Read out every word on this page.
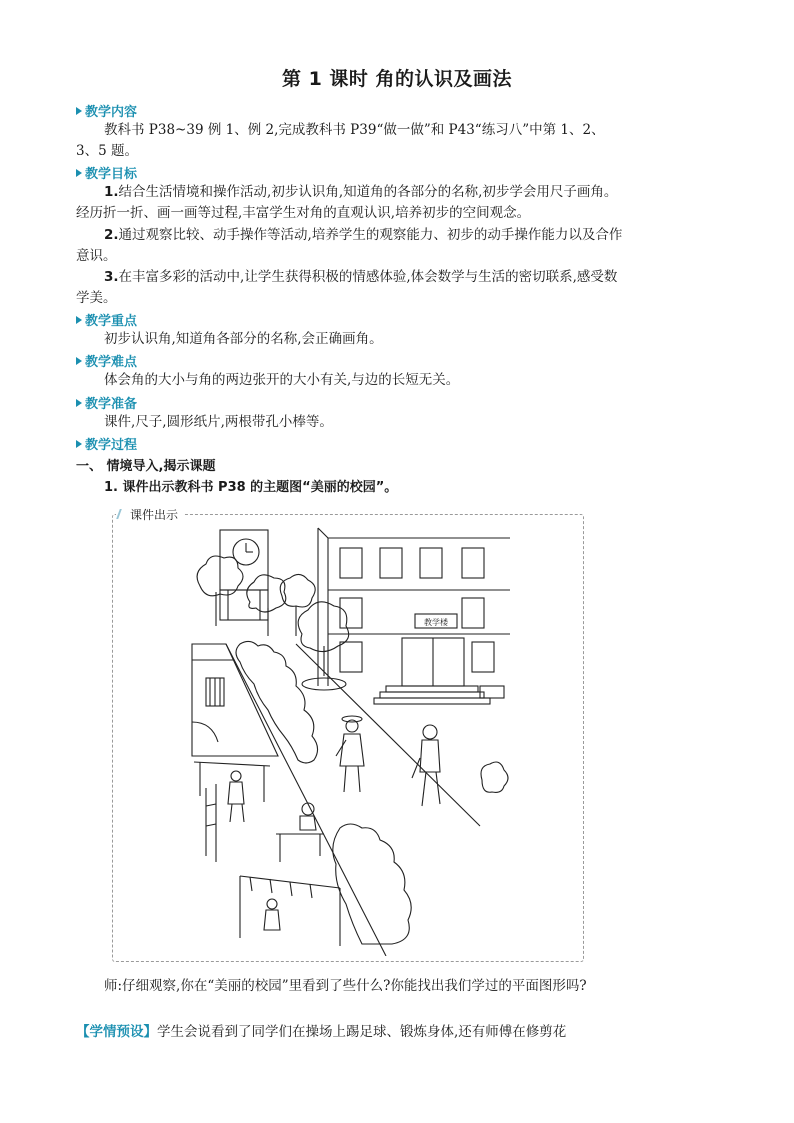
第 1 课时 角的认识及画法
教学内容

教科书 P38~39 例 1、例 2,完成教科书 P39“做一做”和 P43“练习八”中第 1、2、3、5 题。

教学目标

1.结合生活情境和操作活动,初步认识角,知道角的各部分的名称,初步学会用尺子画角。经历折一折、画一画等过程,丰富学生对角的直观认识,培养初步的空间观念。

2.通过观察比较、动手操作等活动,培养学生的观察能力、初步的动手操作能力以及合作意识。

3.在丰富多彩的活动中,让学生获得积极的情感体验,体会数学与生活的密切联系,感受数学美。

教学重点

初步认识角,知道角各部分的名称,会正确画角。

教学难点

体会角的大小与角的两边张开的大小有关,与边的长短无关。

教学准备

课件,尺子,圆形纸片,两根带孔小棒等。

教学过程
一、 情境导入,揭示课题
1. 课件出示教科书 P38 的主题图“美丽的校园”。
课件出示
教学楼
师:仔细观察,你在“美丽的校园”里看到了些什么?你能找出我们学过的平面图形吗?
【学情预设】学生会说看到了同学们在操场上踢足球、锻炼身体,还有师傅在修剪花
